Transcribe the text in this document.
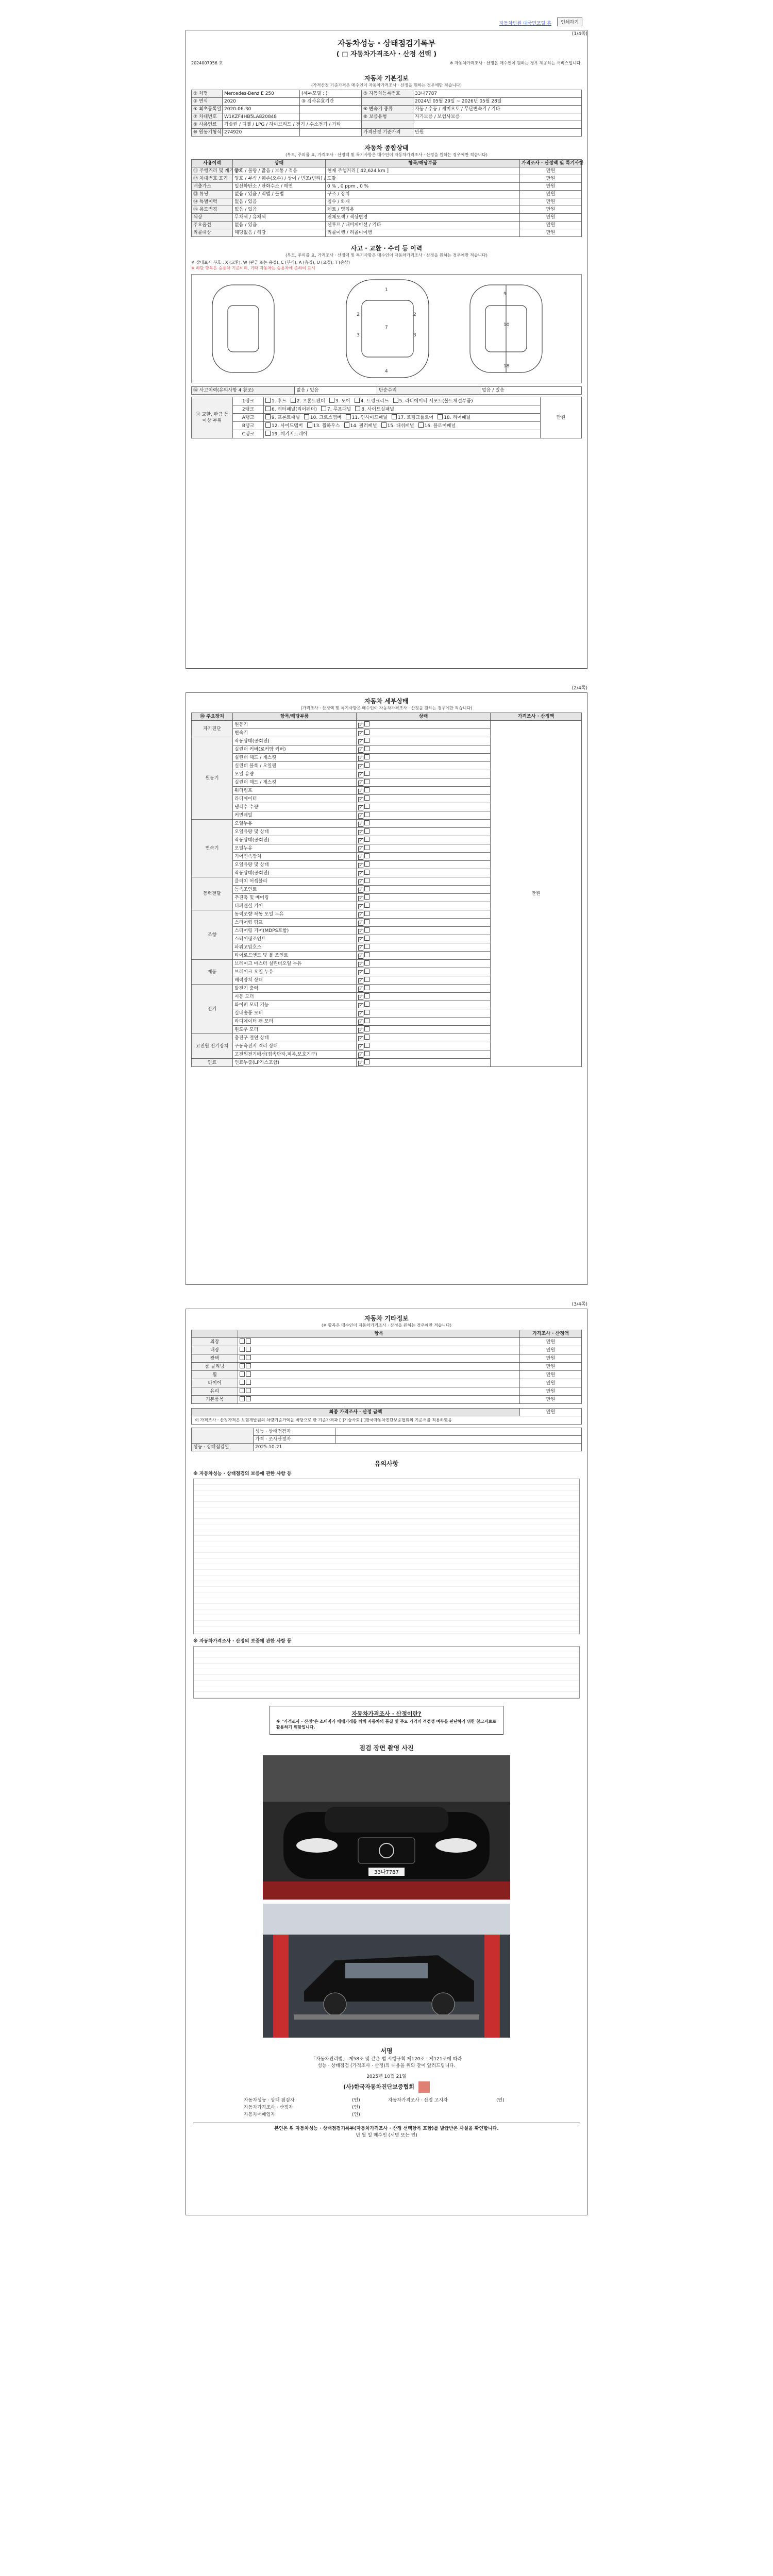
자동차민원 대국민포털 홈	인쇄하기
(1/4쪽)
자동차성능 · 상태점검기록부
( □ 자동차가격조사 · 산정 선택 )
2024007956 호	※ 자동차가격조사 · 산정은 매수인이 원하는 경우 제공하는 서비스입니다.
자동차 기본정보
(가격산정 기준가격은 매수인이 자동차가격조사 · 산정을 원하는 경우에만 적습니다)
① 차명	Mercedes-Benz E 250	(세부모델 : )	⑤ 자동차등록번호	33나7787
② 연식	2020	③ 검사유효기간		2024년 05월 29일 ~ 2026년 05월 28일
④ 최초등록일	2020-06-30		⑥ 변속기 종류	자동 / 수동 / 세미오토 / 무단변속기 / 기타
⑦ 차대번호	W1KZF4HB5LA820848		⑧ 보증유형	자가보증 / 보험사보증
⑨ 사용연료	가솔린 / 디젤 / LPG / 하이브리드 / 전기 / 수소전기 / 기타			
⑩ 원동기형식	274920		가격산정 기준가격	만원
자동차 종합상태
(부모, 주의를 요, 가격조사 · 산정액 및 특기사항은 매수인이 자동차가격조사 · 산정을 원하는 경우에만 적습니다)
사용이력	상태	항목/해당부품	가격조사 · 산정액 및 특기사항
⑪ 주행거리 및 계기상태	양호 / 불량 / 많음 / 보통 / 적음	현재 주행거리 [ 42,624 km ]	만원
⑫ 차대번호 표기	양호 / 부식 / 훼손(오손) / 상이 / 변조(변타) / 도말		만원
배출가스	일산화탄소 / 탄화수소 / 매연	0 % , 0 ppm , 0 %	만원
⑬ 튜닝	없음 / 있음 / 적법 / 불법	구조 / 장치	만원
⑭ 특별이력	없음 / 있음	침수 / 화재	만원
⑮ 용도변경	없음 / 있음	렌트 / 영업용	만원
색상	무채색 / 유채색	전체도색 / 색상변경	만원
주요옵션	없음 / 있음	선루프 / 내비게이션 / 기타	만원
리콜대상	해당없음 / 해당	리콜이행 / 리콜미이행	만원
사고 · 교환 · 수리 등 이력
(부모, 주의를 요, 가격조사 · 산정액 및 특기사항은 매수인이 자동차가격조사 · 산정을 원하는 경우에만 적습니다)
※ 상태표시 부호 : X (교환), W (판금 또는 용접), C (부식), A (흠집), U (요철), T (손상)
※ 하단 항목은 승용차 기준이며, 기타 자동차는 승용차에 준하여 표시
1
2	2
3	3
7
4
9
10
18
⑯ 사고이력(유의사항 4 참조)	없음 / 있음	단순수리	없음 / 있음
⑰ 교환, 판금 등 이상 부위	1랭크	1. 후드 2. 프론트펜더 3. 도어 4. 트렁크리드 5. 라디에이터 서포트(볼트체결부품)	만원
	2랭크	6. 쿼터패널(리어펜더) 7. 루프패널 8. 사이드실패널	
	A랭크	9. 프론트패널 10. 크로스멤버 11. 인사이드패널 17. 트렁크플로어 18. 리어패널	
	B랭크	12. 사이드멤버 13. 휠하우스 14. 필러패널 15. 대쉬패널 16. 플로어패널	
	C랭크	19. 패키지트레이	
(2/4쪽)
자동차 세부상태
(가격조사 · 산정액 및 특기사항은 매수인이 자동차가격조사 · 산정을 원하는 경우에만 적습니다)
⑱ 주요장치	항목/해당부품	상태	가격조사 · 산정액
자기진단	원동기	✓	만원
	변속기	✓
원동기	작동상태(공회전)	✓
	실린더 커버(로커암 커버)	✓
	실린더 헤드 / 개스킷	✓
	실린더 블록 / 오일팬	✓
	오일 유량	✓
	실린더 헤드 / 개스킷	✓
	워터펌프	✓
	라디에이터	✓
	냉각수 수량	✓
	커먼레일	✓
변속기	오일누유	✓
	오일유량 및 상태	✓
	작동상태(공회전)	✓
	오일누유	✓
	기어변속장치	✓
	오일유량 및 상태	✓
	작동상태(공회전)	✓
동력전달	클러치 어셈블리	✓
	등속조인트	✓
	추진축 및 베어링	✓
	디퍼렌셜 기어	✓
조향	동력조향 작동 오일 누유	✓
	스티어링 펌프	✓
	스티어링 기어(MDPS포함)	✓
	스티어링조인트	✓
	파워고압호스	✓
	타이로드엔드 및 볼 조인트	✓
제동	브레이크 마스터 실린더오일 누유	✓
	브레이크 오일 누유	✓
	배력장치 상태	✓
전기	발전기 출력	✓
	시동 모터	✓
	와이퍼 모터 기능	✓
	실내송풍 모터	✓
	라디에이터 팬 모터	✓
	윈도우 모터	✓
고전원 전기장치	충전구 절연 상태	✓
	구동축전지 격리 상태	✓
	고전원전기배선(접속단자,피복,보호기구)	✓
연료	연료누출(LP가스포함)	✓
(3/4쪽)
자동차 기타정보
(※ 항목은 매수인이 자동차가격조사 · 산정을 원하는 경우에만 적습니다)
	항목	가격조사 · 산정액
외장		만원
내장		만원
광택		만원
룸 클리닝		만원
휠		만원
타이어		만원
유리		만원
기본품목		만원
최종 가격조사 · 산정 금액	만원
이 가격조사 · 산정가격은 보험개발원의 차량기준가액을 바탕으로 한 기준가격과 [ ]기술사회 [ ]한국자동차진단보증협회의 기준서를 적용하였음
	성능 · 상태점검자	
	가격 · 조사산정자	
성능 · 상태점검일	2025-10-21	
유의사항
※ 자동차성능 · 상태점검의 보증에 관한 사항 등
※ 자동차가격조사 · 산정의 보증에 관한 사항 등
자동차가격조사 · 산정이란?
※ "가격조사 · 산정"은 소비자가 매매거래를 위해 자동차의 품질 및 주요 가격의 적정성 여부를 판단하기 위한 참고자료로 활용하기 위함입니다.
점검 장면 촬영 사진
33나7787
서명
「자동차관리법」 제58조 및 같은 법 시행규칙 제120조 · 제121조에 따라
성능 · 상태점검 (가격조사 · 산정)의 내용을 위와 같이 알려드립니다.
2025년 10월 21일
(사)한국자동차진단보증협회
자동차성능 · 상태 점검자	(인)	자동차가격조사 · 산정 고지자	(인)
자동차가격조사 · 산정자	(인)		
자동차매매업자	(인)		
본인은 위 자동차성능 · 상태점검기록부(자동차가격조사 · 산정 선택항목 포함)를 발급받은 사실을 확인합니다.
년 월 일 매수인 (서명 또는 인)
